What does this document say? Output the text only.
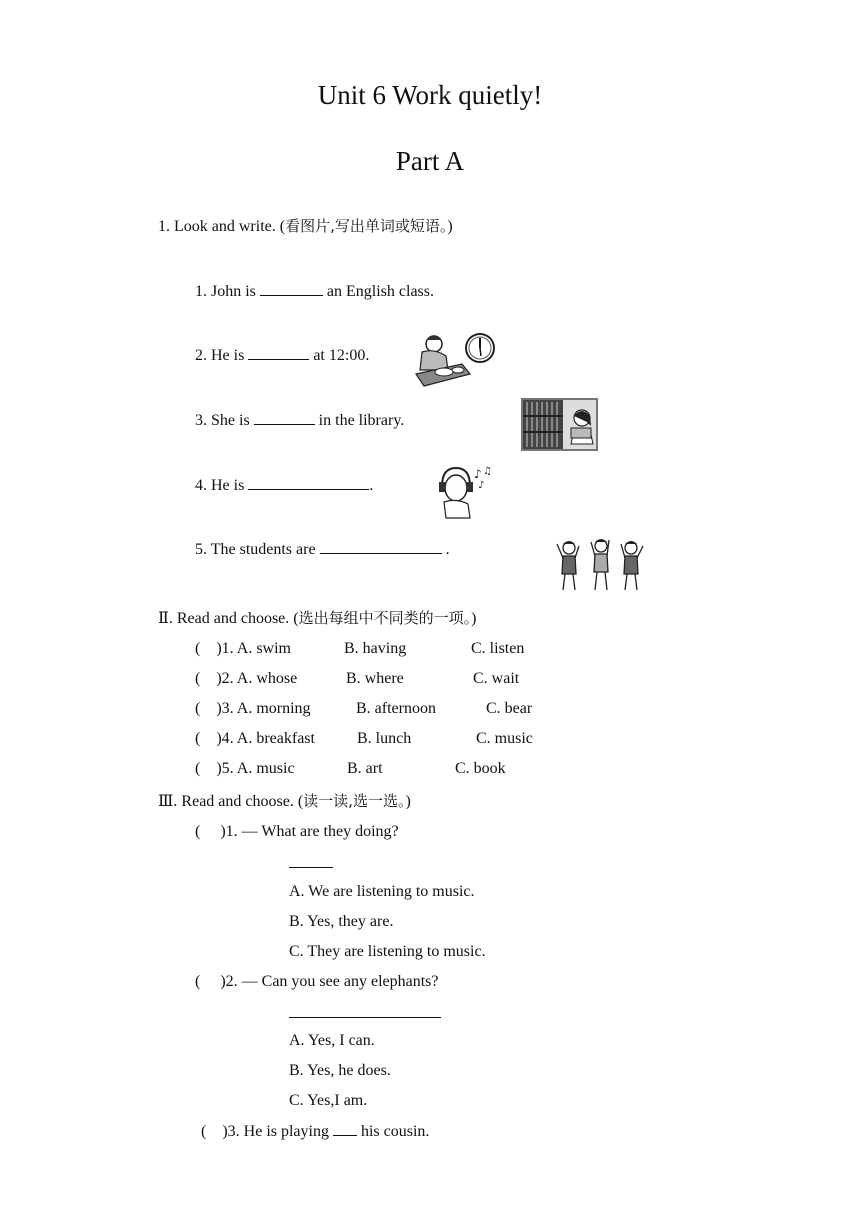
Unit 6 Work quietly!
Part A
1. Look and write. (看图片,写出单词或短语。)
1. John is	an English class.
2. He is	at 12:00.
3. She is	in the library.
4. He is	.
5. The students are	.
♪ ♫
♪
Ⅱ. Read and choose. (选出每组中不同类的一项。)
(    )1. A. swim	B. having	C. listen
(    )2. A. whose	B. where	C. wait
(    )3. A. morning	B. afternoon	C. bear
(    )4. A. breakfast	B. lunch	C. music
(    )5. A. music	B. art	C. book
Ⅲ. Read and choose. (读一读,选一选。)
(     )1. — What are they doing?
A. We are listening to music.
B. Yes, they are.
C. They are listening to music.
(     )2. — Can you see any elephants?
A. Yes, I can.
B. Yes, he does.
C. Yes,I am.
(    )3. He is playing  his cousin.
